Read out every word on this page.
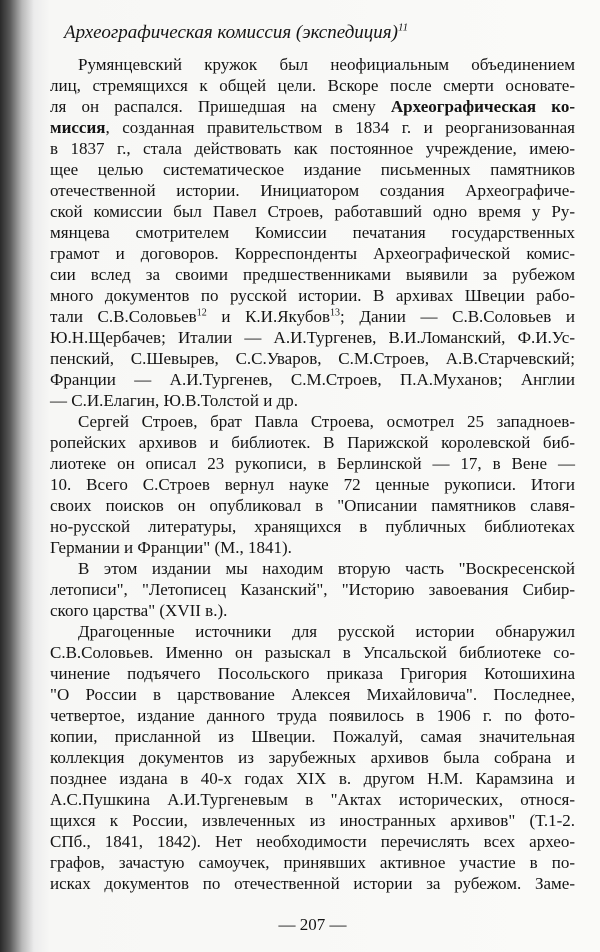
Археографическая комиссия (экспедиция)$^{11}$
Румянцевский кружок был неофициальным объединением
лиц, стремящихся к общей цели. Вскоре после смерти основате-
ля он распался. Пришедшая на смену Археографическая ко-
миссия, созданная правительством в 1834 г. и реорганизованная
в 1837 г., стала действовать как постоянное учреждение, имею-
щее целью систематическое издание письменных памятников
отечественной истории. Инициатором создания Археографиче-
ской комиссии был Павел Строев, работавший одно время у Ру-
мянцева смотрителем Комиссии печатания государственных
грамот и договоров. Корреспонденты Археографической комис-
сии вслед за своими предшественниками выявили за рубежом
много документов по русской истории. В архивах Швеции рабо-
тали С.В.Соловьев$^{12}$ и К.И.Якубов$^{13}$; Дании — С.В.Соловьев и
Ю.Н.Щербачев; Италии — А.И.Тургенев, В.И.Ломанский, Ф.И.Ус-
пенский, С.Шевырев, С.С.Уваров, С.М.Строев, А.В.Старчевский;
Франции — А.И.Тургенев, С.М.Строев, П.А.Муханов; Англии
— С.И.Елагин, Ю.В.Толстой и др.
Сергей Строев, брат Павла Строева, осмотрел 25 западноев-
ропейских архивов и библиотек. В Парижской королевской биб-
лиотеке он описал 23 рукописи, в Берлинской — 17, в Вене —
10. Всего С.Строев вернул науке 72 ценные рукописи. Итоги
своих поисков он опубликовал в "Описании памятников славя-
но-русской литературы, хранящихся в публичных библиотеках
Германии и Франции" (М., 1841).
В этом издании мы находим вторую часть "Воскресенской
летописи", "Летописец Казанский", "Историю завоевания Сибир-
ского царства" (XVII в.).
Драгоценные источники для русской истории обнаружил
С.В.Соловьев. Именно он разыскал в Упсальской библиотеке со-
чинение подъячего Посольского приказа Григория Котошихина
"О России в царствование Алексея Михайловича". Последнее,
четвертое, издание данного труда появилось в 1906 г. по фото-
копии, присланной из Швеции. Пожалуй, самая значительная
коллекция документов из зарубежных архивов была собрана и
позднее издана в 40-х годах XIX в. другом Н.М. Карамзина и
А.С.Пушкина А.И.Тургеневым в "Актах исторических, относя-
щихся к России, извлеченных из иностранных архивов" (Т.1-2.
СПб., 1841, 1842). Нет необходимости перечислять всех архео-
графов, зачастую самоучек, принявших активное участие в по-
исках документов по отечественной истории за рубежом. Заме-
— 207 —
